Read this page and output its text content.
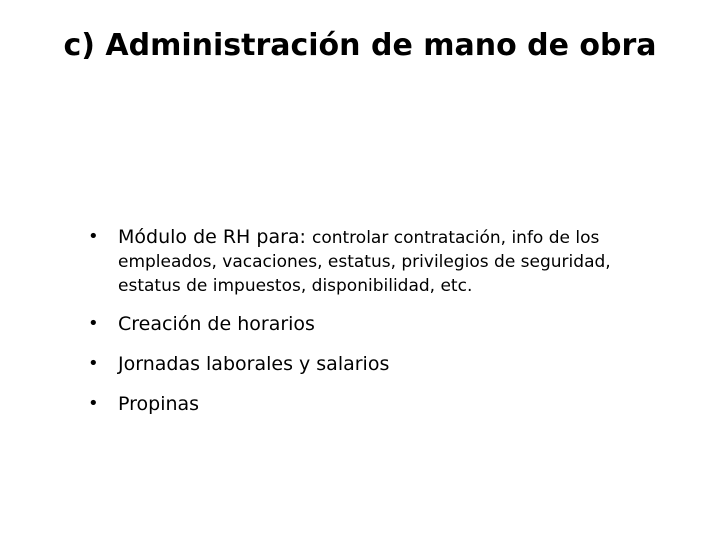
c) Administración de mano de obra
• Módulo de RH para: controlar contratación, info de los
empleados, vacaciones, estatus, privilegios de seguridad,
estatus de impuestos, disponibilidad, etc.
• Creación de horarios
• Jornadas laborales y salarios
• Propinas
